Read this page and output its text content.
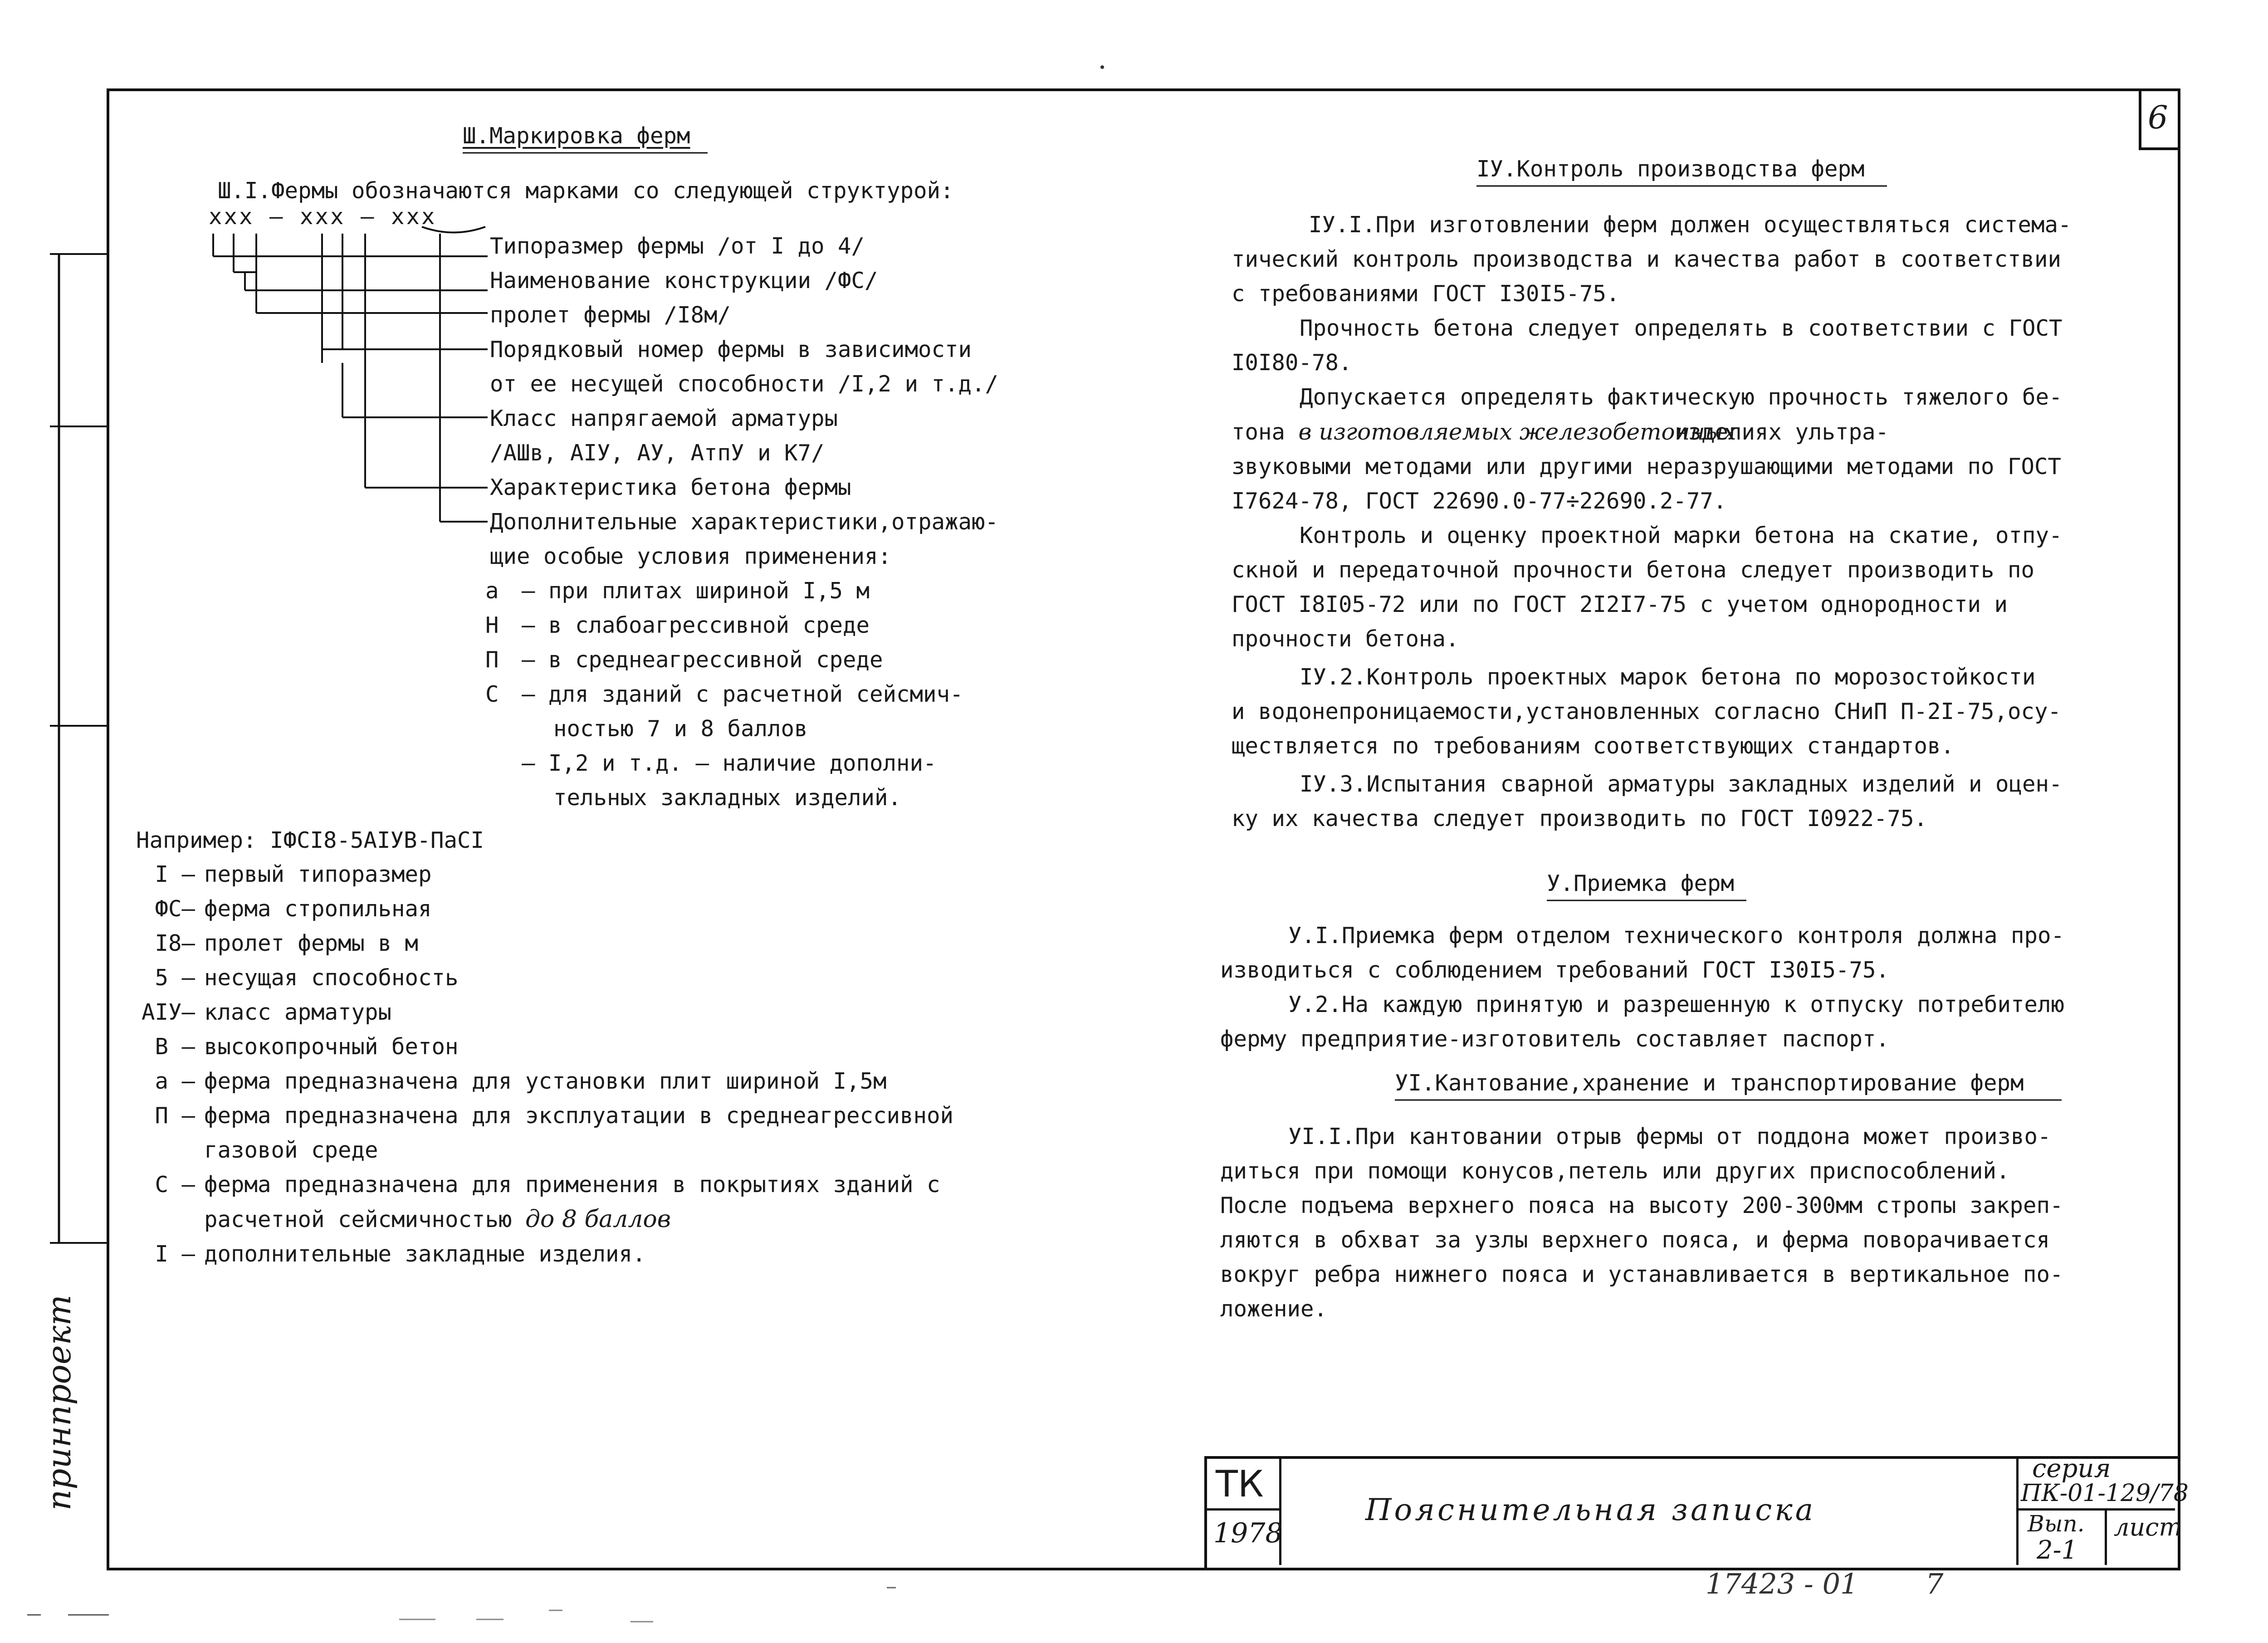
6
Ш.Маркировка ферм
Ш.I.Фермы обозначаются марками со следующей структурой:
ххх — ххх — ххх

Типоразмер фермы /от I до 4/

Наименование конструкции /ФС/

пролет фермы /I8м/

Порядковый номер фермы в зависимости

от ее несущей способности /I,2 и т.д./

Класс напрягаемой арматуры

/АШв, АIУ, АУ, АтпУ и К7/

Характеристика бетона фермы

Дополнительные характеристики,отражаю-

щие особые условия применения:

а – при плитах шириной I,5 м

Н – в слабоагрессивной среде

П – в среднеагрессивной среде

С – для зданий с расчетной сейсмич-

ностью 7 и 8 баллов

– I,2 и т.д. – наличие дополни-

тельных закладных изделий.

Например: IФСI8-5АIУВ-ПаСI

I – первый типоразмер

ФС– ферма стропильная

I8– пролет фермы в м

5 – несущая способность

АIУ– класс арматуры

В – высокопрочный бетон

а – ферма предназначена для установки плит шириной I,5м

П – ферма предназначена для эксплуатации в среднеагрессивной

газовой среде

С – ферма предназначена для применения в покрытиях зданий с

расчетной сейсмичностью до 8 баллов

I – дополнительные закладные изделия.

IУ.Контроль производства ферм

IУ.I.При изготовлении ферм должен осуществляться системa-

тический контроль производства и качества работ в соответствии

с требованиями ГОСТ I30I5-75.

Прочность бетона следует определять в соответствии с ГОСТ

I0I80-78.

Допускается определять фактическую прочность тяжелого бе-

тона в изготовляемых железобетонных изделиях ультра-

звуковыми методами или другими неразрушающими методами по ГОСТ

I7624-78, ГОСТ 22690.0-77÷22690.2-77.

Контроль и оценку проектной марки бетона на скатие, отпу-

скной и передаточной прочности бетона следует производить по

ГОСТ I8I05-72 или по ГОСТ 2I2I7-75 с учетом однородности и

прочности бетона.

IУ.2.Контроль проектных марок бетона по морозостойкости

и водонепроницаемости,установленных согласно СНиП П-2I-75,осу-

ществляется по требованиям соответствующих стандартов.

IУ.3.Испытания сварной арматуры закладных изделий и оцен-

ку их качества следует производить по ГОСТ I0922-75.

У.Приемка ферм

У.I.Приемка ферм отделом технического контроля должна про-

изводиться с соблюдением требований ГОСТ I30I5-75.

У.2.На каждую принятую и разрешенную к отпуску потребителю

ферму предприятие-изготовитель составляет паспорт.

УI.Кантование,хранение и транспортирование ферм

УI.I.При кантовании отрыв фермы от поддона может произво-

диться при помощи конусов,петель или других приспособлений.

После подъема верхнего пояса на высоту 200-300мм стропы закреп-

ляются в обхват за узлы верхнего пояса, и ферма поворачивается

вокруг ребра нижнего пояса и устанавливается в вертикальное по-

ложение.

ТК
1978
Пояснительная записка
серия
ПК-01-129/78
Вып.
2-1
лист
принпроект
17423 - 01 7
